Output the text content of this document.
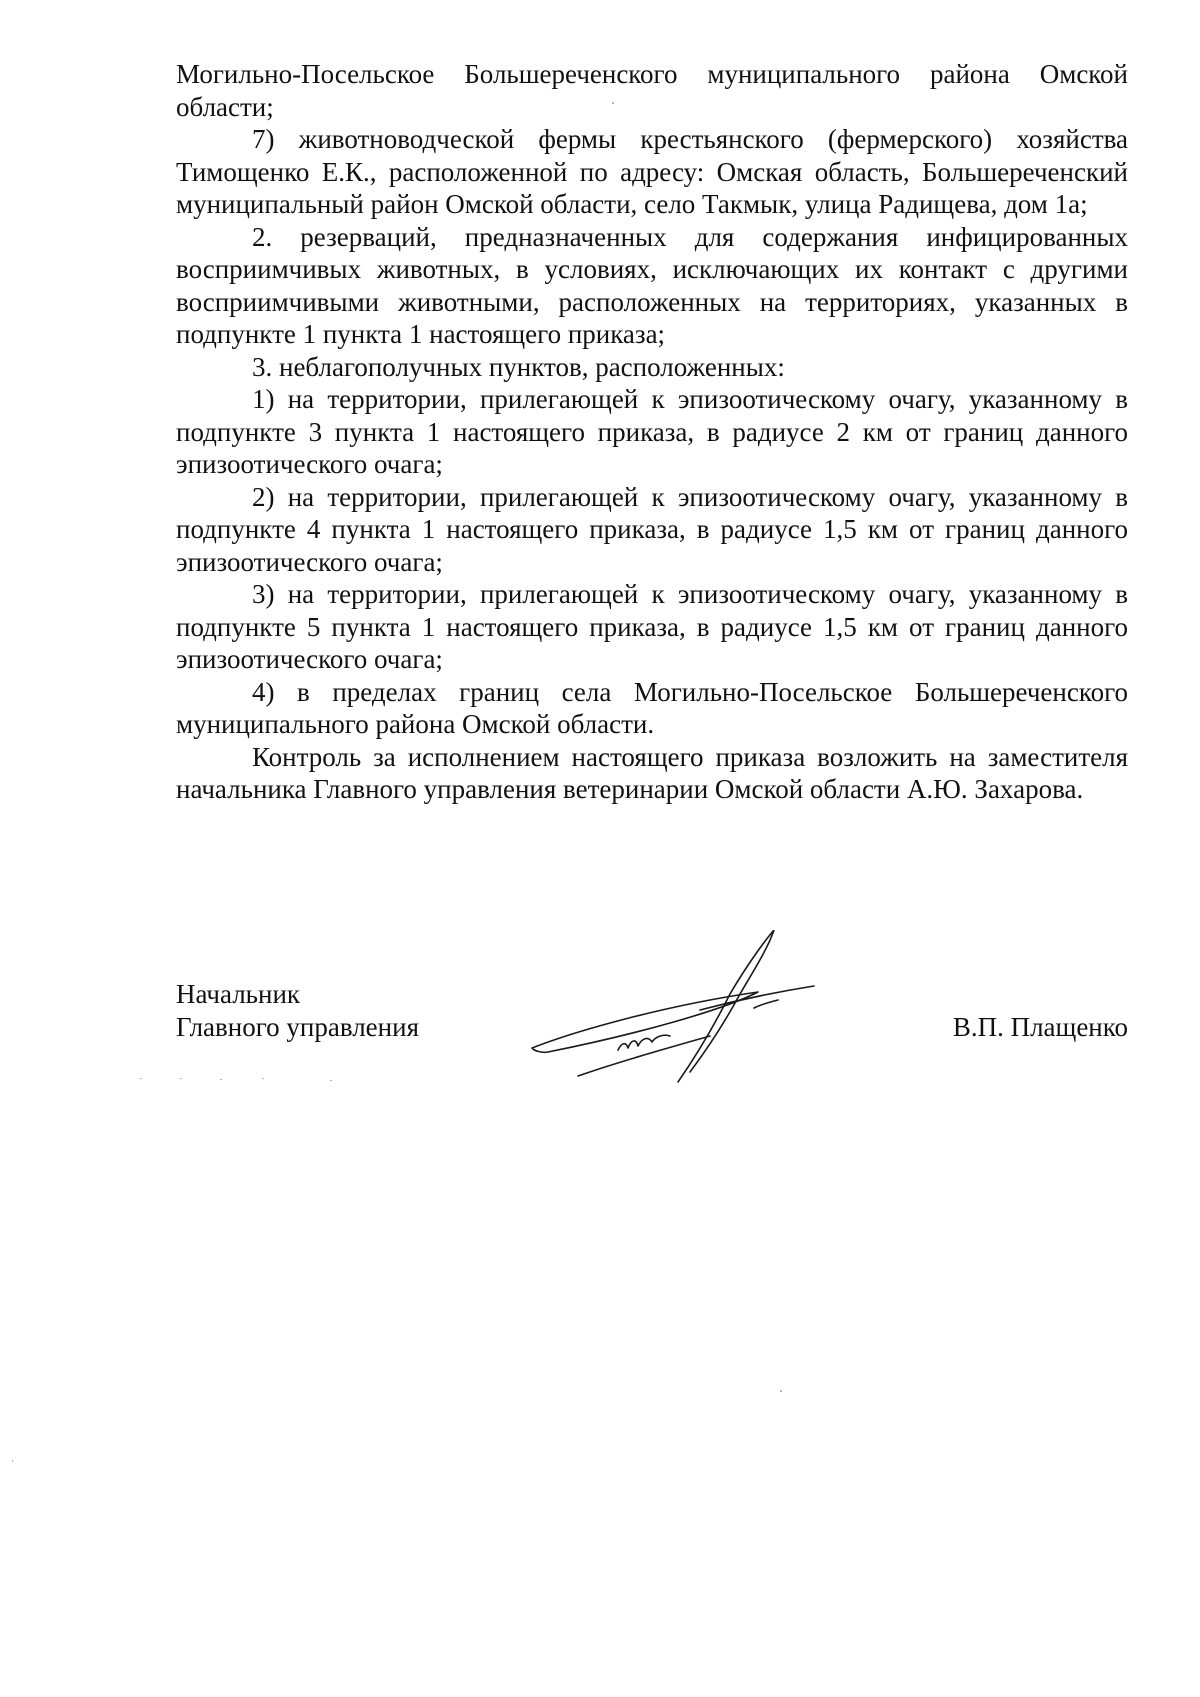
Могильно-Посельское Большереченского муниципального района Омской области;

7) животноводческой фермы крестьянского (фермерского) хозяйства Тимощенко Е.К., расположенной по адресу: Омская область, Большереченский муниципальный район Омской области, село Такмык, улица Радищева, дом 1а;

2. резерваций, предназначенных для содержания инфицированных восприимчивых животных, в условиях, исключающих их контакт с другими восприимчивыми животными, расположенных на территориях, указанных в подпункте 1 пункта 1 настоящего приказа;

3. неблагополучных пунктов, расположенных:

1) на территории, прилегающей к эпизоотическому очагу, указанному в подпункте 3 пункта 1 настоящего приказа, в радиусе 2 км от границ данного эпизоотического очага;

2) на территории, прилегающей к эпизоотическому очагу, указанному в подпункте 4 пункта 1 настоящего приказа, в радиусе 1,5 км от границ данного эпизоотического очага;

3) на территории, прилегающей к эпизоотическому очагу, указанному в подпункте 5 пункта 1 настоящего приказа, в радиусе 1,5 км от границ данного эпизоотического очага;

4) в пределах границ села Могильно-Посельское Большереченского муниципального района Омской области.

Контроль за исполнением настоящего приказа возложить на заместителя начальника Главного управления ветеринарии Омской области А.Ю. Захарова.

Начальник
Главного управления	В.П. Плащенко
